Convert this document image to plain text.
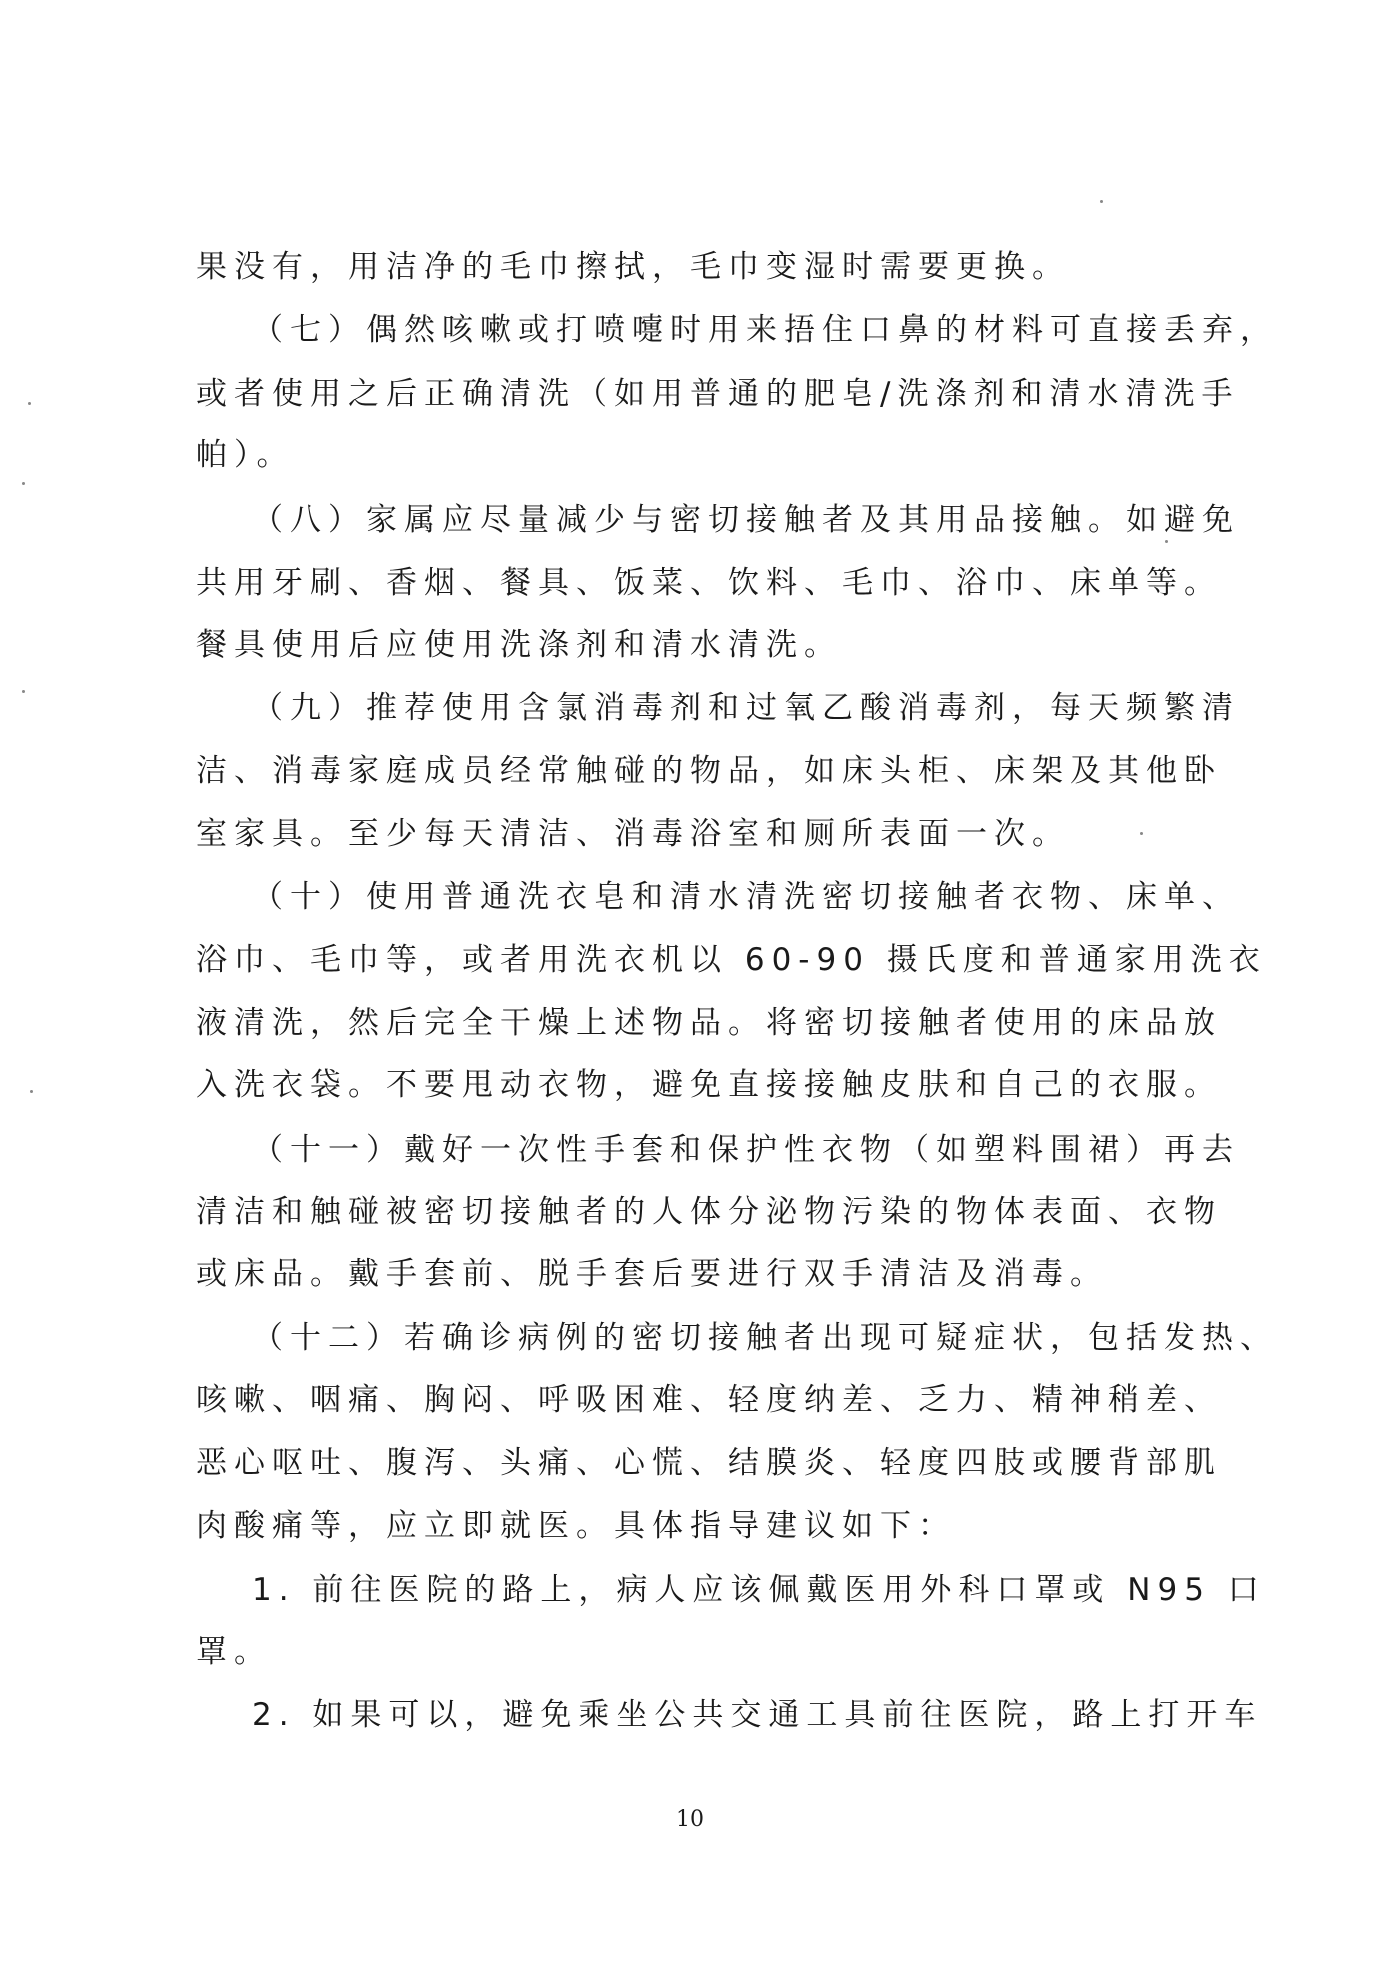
果没有，用洁净的毛巾擦拭，毛巾变湿时需要更换。
（七）偶然咳嗽或打喷嚏时用来捂住口鼻的材料可直接丢弃，
或者使用之后正确清洗（如用普通的肥皂/洗涤剂和清水清洗手
帕）。
（八）家属应尽量减少与密切接触者及其用品接触。如避免
共用牙刷、香烟、餐具、饭菜、饮料、毛巾、浴巾、床单等。
餐具使用后应使用洗涤剂和清水清洗。
（九）推荐使用含氯消毒剂和过氧乙酸消毒剂，每天频繁清
洁、消毒家庭成员经常触碰的物品，如床头柜、床架及其他卧
室家具。至少每天清洁、消毒浴室和厕所表面一次。
（十）使用普通洗衣皂和清水清洗密切接触者衣物、床单、
浴巾、毛巾等，或者用洗衣机以 60-90 摄氏度和普通家用洗衣
液清洗，然后完全干燥上述物品。将密切接触者使用的床品放
入洗衣袋。不要甩动衣物，避免直接接触皮肤和自己的衣服。
（十一）戴好一次性手套和保护性衣物（如塑料围裙）再去
清洁和触碰被密切接触者的人体分泌物污染的物体表面、衣物
或床品。戴手套前、脱手套后要进行双手清洁及消毒。
（十二）若确诊病例的密切接触者出现可疑症状，包括发热、
咳嗽、咽痛、胸闷、呼吸困难、轻度纳差、乏力、精神稍差、
恶心呕吐、腹泻、头痛、心慌、结膜炎、轻度四肢或腰背部肌
肉酸痛等，应立即就医。具体指导建议如下：
1. 前往医院的路上，病人应该佩戴医用外科口罩或 N95 口
罩。
2. 如果可以，避免乘坐公共交通工具前往医院，路上打开车
10
